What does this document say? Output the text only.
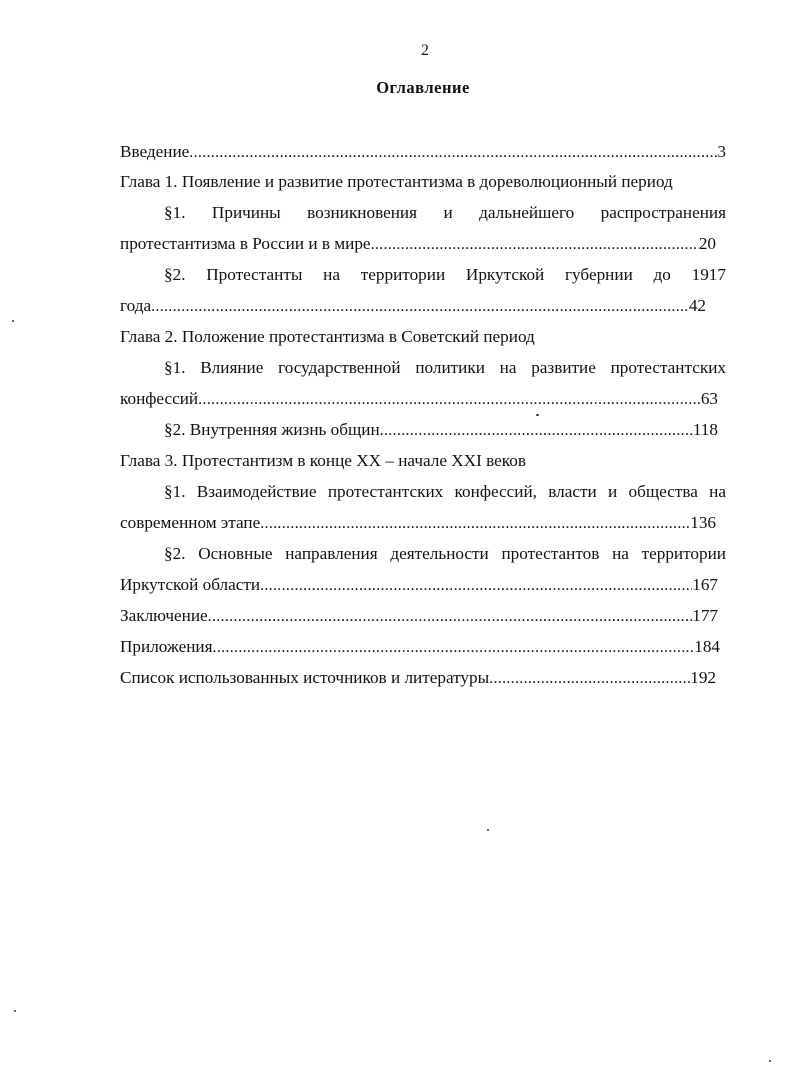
2
Оглавление
Введение .....	3
Глава 1. Появление и развитие протестантизма в дореволюционный период
§1. Причины возникновения и дальнейшего распространения
протестантизма в России и в мире .....	20
§2. Протестанты на территории Иркутской губернии до 1917
года .....	42
Глава 2. Положение протестантизма в Советский период
§1. Влияние государственной политики на развитие протестантских
конфессий .....	63
§2. Внутренняя жизнь общин .....	118
Глава 3. Протестантизм в конце XX – начале XXI веков
§1. Взаимодействие протестантских конфессий, власти и общества на
современном этапе .....	136
§2. Основные направления деятельности протестантов на территории
Иркутской области .....	167
Заключение .....	177
Приложения .....	184
Список использованных источников и литературы .....	192
